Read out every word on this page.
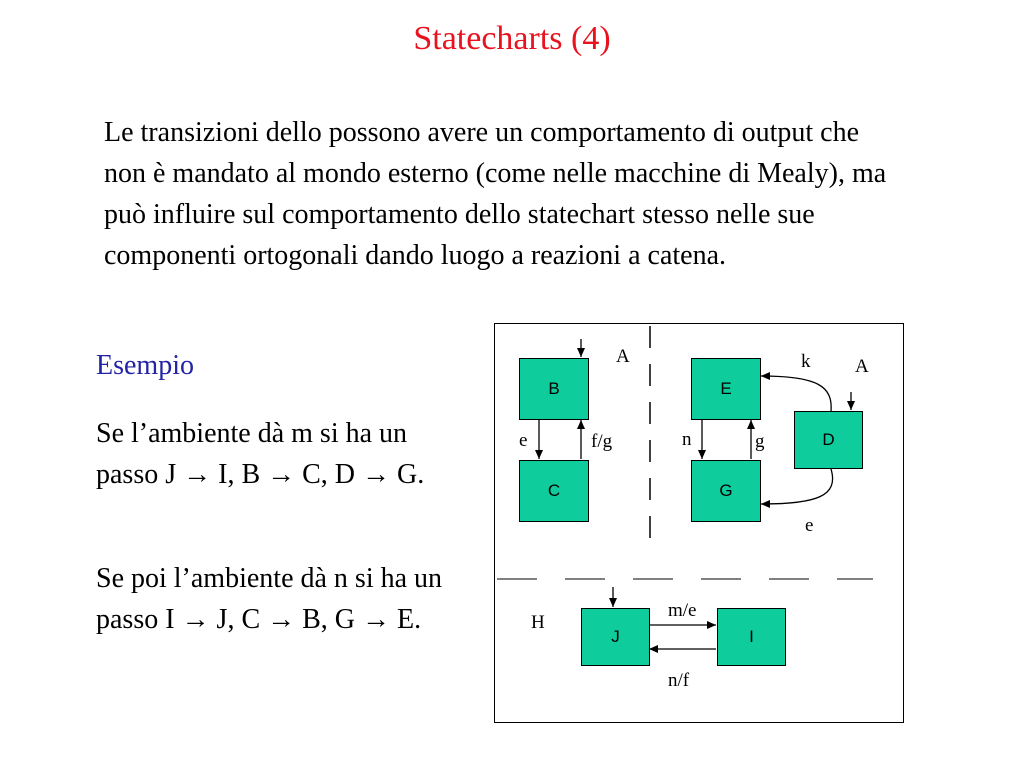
Statecharts (4)

Le transizioni dello possono avere un comportamento di output che non è mandato al mondo esterno (come nelle macchine di Mealy), ma può influire sul comportamento dello statechart stesso nelle sue componenti ortogonali dando luogo a reazioni a catena.

Esempio

Se l’ambiente dà m si ha un passo J → I, B → C, D → G.

Se poi l’ambiente dà n si ha un passo I → J, C → B, G → E.

B
C
E
G
D
J	I
A	A
H
e	f/g	n	g
k
e
m/e
n/f
